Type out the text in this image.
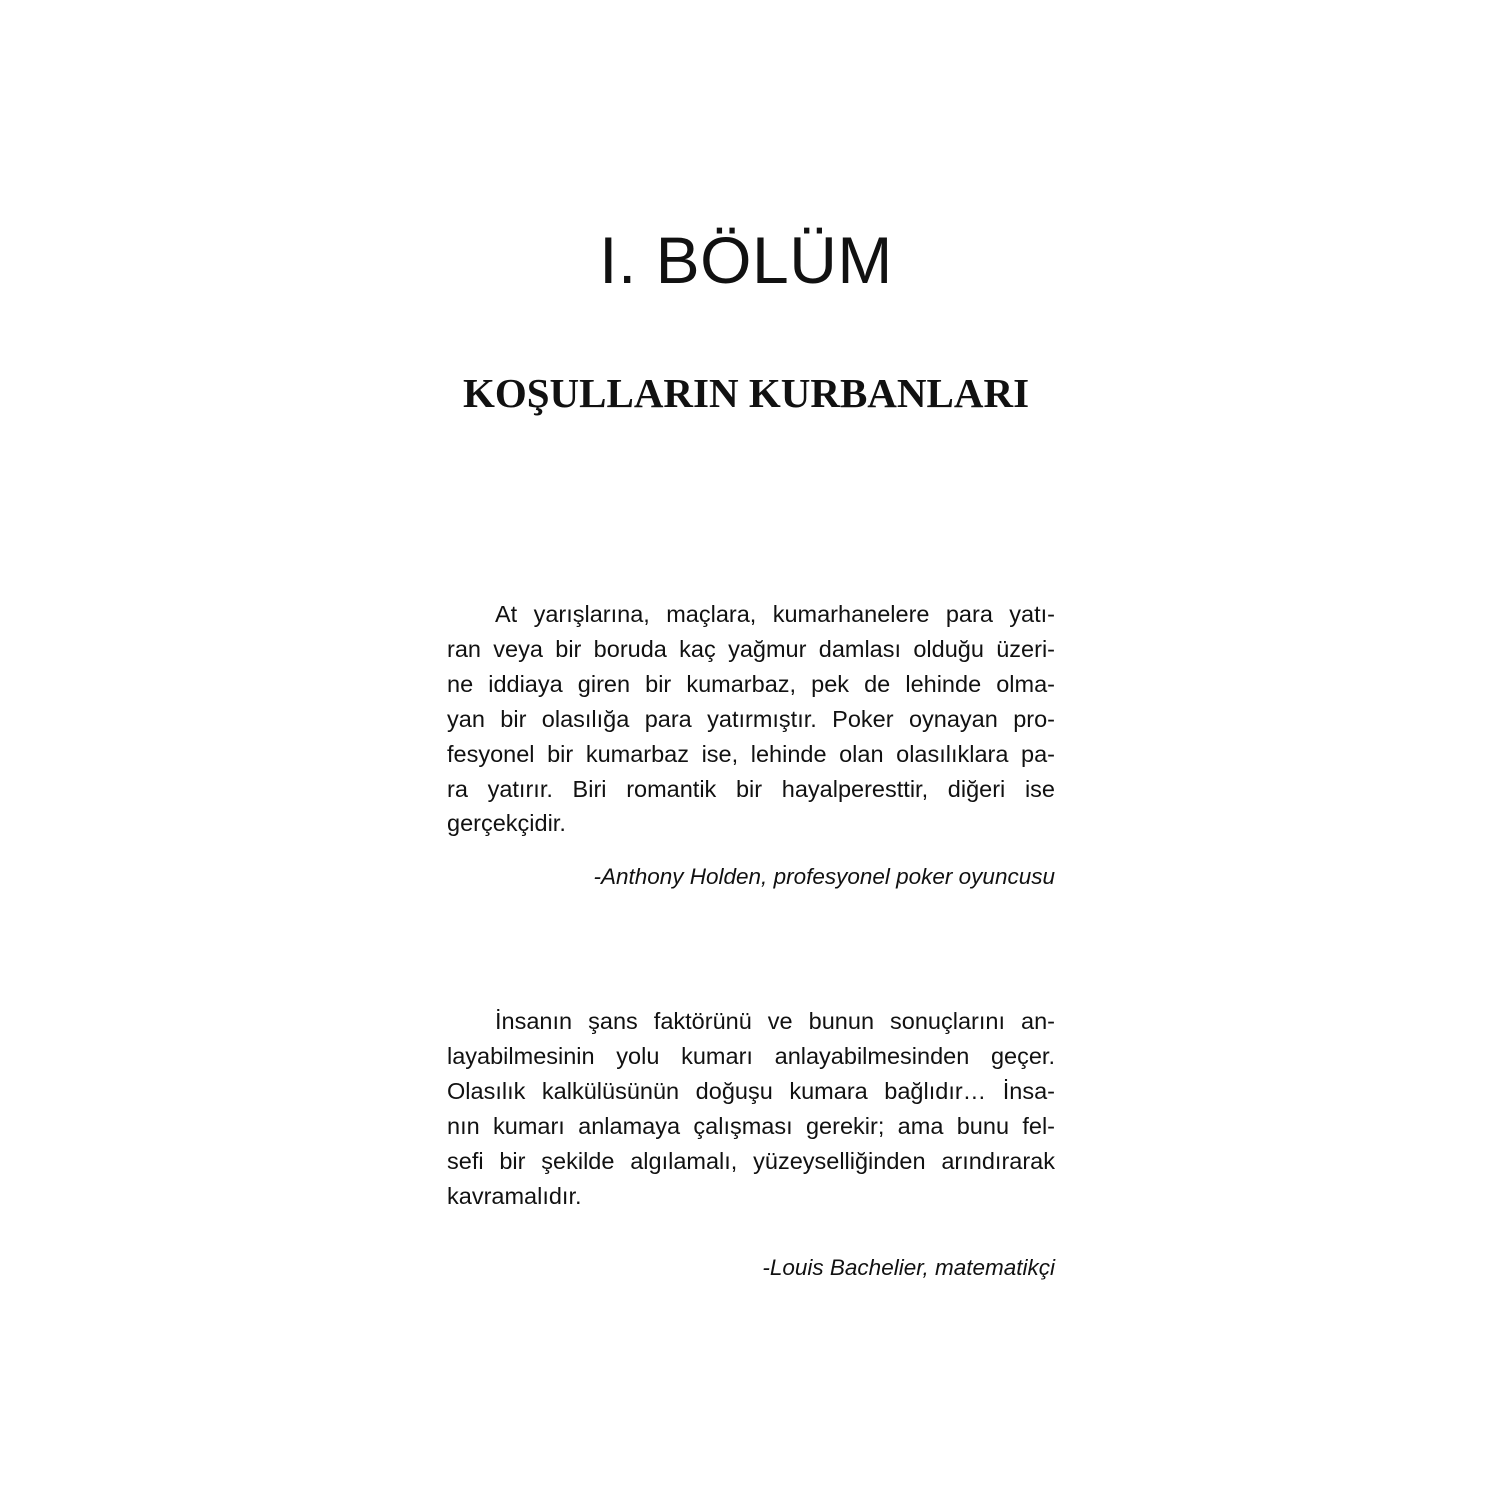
I. BÖLÜM
KOŞULLARIN KURBANLARI
At yarışlarına, maçlara, kumarhanelere para yatı-
ran veya bir boruda kaç yağmur damlası olduğu üzeri-
ne iddiaya giren bir kumarbaz, pek de lehinde olma-
yan bir olasılığa para yatırmıştır. Poker oynayan pro-
fesyonel bir kumarbaz ise, lehinde olan olasılıklara pa-
ra yatırır. Biri romantik bir hayalperesttir, diğeri ise
gerçekçidir.

-Anthony Holden, profesyonel poker oyuncusu

İnsanın şans faktörünü ve bunun sonuçlarını an-
layabilmesinin yolu kumarı anlayabilmesinden geçer.
Olasılık kalkülüsünün doğuşu kumara bağlıdır… İnsa-
nın kumarı anlamaya çalışması gerekir; ama bunu fel-
sefi bir şekilde algılamalı, yüzeyselliğinden arındırarak
kavramalıdır.

-Louis Bachelier, matematikçi
